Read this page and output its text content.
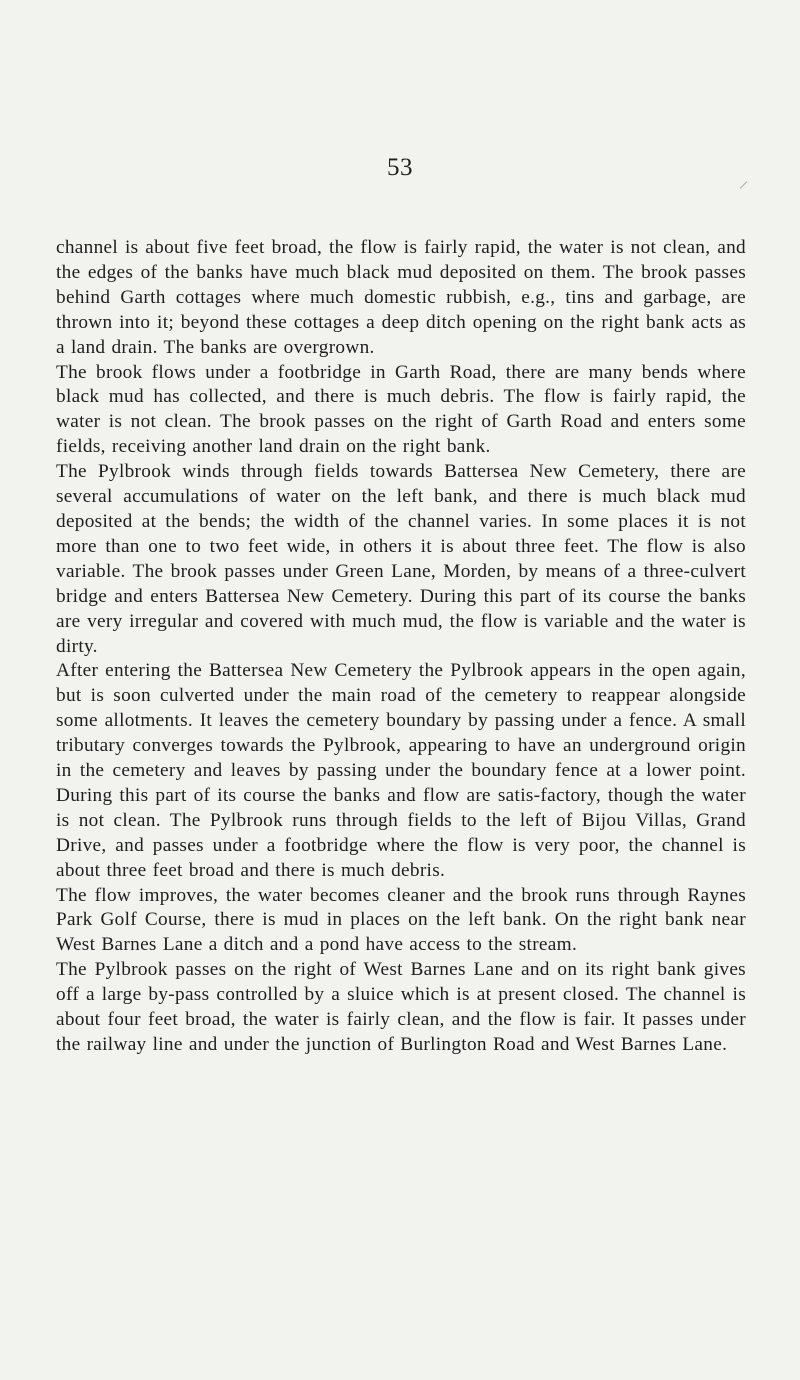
53

channel is about five feet broad, the flow is fairly rapid, the water is not clean, and the edges of the banks have much black mud deposited on them. The brook passes behind Garth cottages where much domestic rubbish, e.g., tins and garbage, are thrown into it; beyond these cottages a deep ditch opening on the right bank acts as a land drain. The banks are overgrown.

The brook flows under a footbridge in Garth Road, there are many bends where black mud has collected, and there is much debris. The flow is fairly rapid, the water is not clean. The brook passes on the right of Garth Road and enters some fields, receiving another land drain on the right bank.

The Pylbrook winds through fields towards Battersea New Cemetery, there are several accumulations of water on the left bank, and there is much black mud deposited at the bends; the width of the channel varies. In some places it is not more than one to two feet wide, in others it is about three feet. The flow is also variable. The brook passes under Green Lane, Morden, by means of a three-culvert bridge and enters Battersea New Cemetery. During this part of its course the banks are very irregular and covered with much mud, the flow is variable and the water is dirty.

After entering the Battersea New Cemetery the Pylbrook appears in the open again, but is soon culverted under the main road of the cemetery to reappear alongside some allotments. It leaves the cemetery boundary by passing under a fence. A small tributary converges towards the Pylbrook, appearing to have an underground origin in the cemetery and leaves by passing under the boundary fence at a lower point. During this part of its course the banks and flow are satis-factory, though the water is not clean. The Pylbrook runs through fields to the left of Bijou Villas, Grand Drive, and passes under a footbridge where the flow is very poor, the channel is about three feet broad and there is much debris.

The flow improves, the water becomes cleaner and the brook runs through Raynes Park Golf Course, there is mud in places on the left bank. On the right bank near West Barnes Lane a ditch and a pond have access to the stream.

The Pylbrook passes on the right of West Barnes Lane and on its right bank gives off a large by-pass controlled by a sluice which is at present closed. The channel is about four feet broad, the water is fairly clean, and the flow is fair. It passes under the railway line and under the junction of Burlington Road and West Barnes Lane.
